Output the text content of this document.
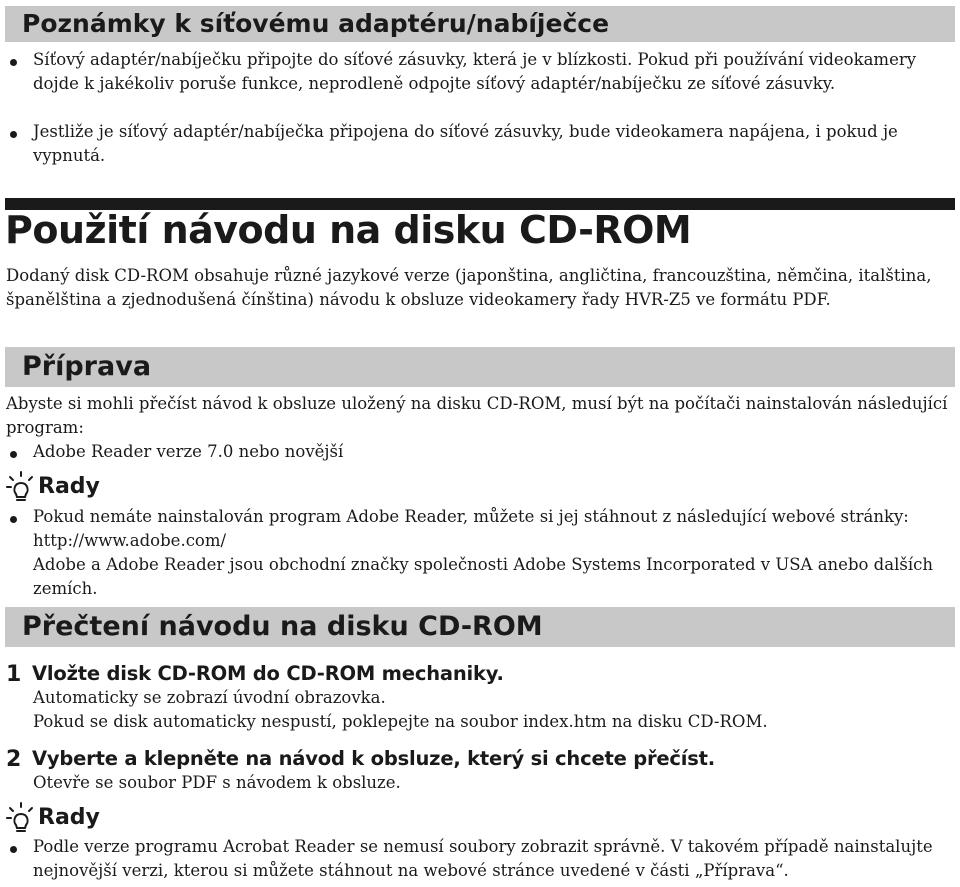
Poznámky k síťovému adaptéru/nabíječce
Síťový adaptér/nabíječku připojte do síťové zásuvky, která je v blízkosti. Pokud při používání videokamery dojde k jakékoliv poruše funkce, neprodleně odpojte síťový adaptér/nabíječku ze síťové zásuvky.
Jestliže je síťový adaptér/nabíječka připojena do síťové zásuvky, bude videokamera napájena, i pokud je vypnutá.
Použití návodu na disku CD-ROM
Dodaný disk CD-ROM obsahuje různé jazykové verze (japonština, angličtina, francouzština, němčina, italština, španělština a zjednodušená čínština) návodu k obsluze videokamery řady HVR-Z5 ve formátu PDF.
Příprava
Abyste si mohli přečíst návod k obsluze uložený na disku CD-ROM, musí být na počítači nainstalován následující program:
Adobe Reader verze 7.0 nebo novější
Rady
Pokud nemáte nainstalován program Adobe Reader, můžete si jej stáhnout z následující webové stránky:
http://www.adobe.com/
Adobe a Adobe Reader jsou obchodní značky společnosti Adobe Systems Incorporated v USA anebo dalších zemích.
Přečtení návodu na disku CD-ROM
1 Vložte disk CD-ROM do CD-ROM mechaniky.
Automaticky se zobrazí úvodní obrazovka.
Pokud se disk automaticky nespustí, poklepejte na soubor index.htm na disku CD-ROM.
2 Vyberte a klepněte na návod k obsluze, který si chcete přečíst.
Otevře se soubor PDF s návodem k obsluze.
Rady
Podle verze programu Acrobat Reader se nemusí soubory zobrazit správně. V takovém případě nainstalujte nejnovější verzi, kterou si můžete stáhnout na webové stránce uvedené v části „Příprava“.
